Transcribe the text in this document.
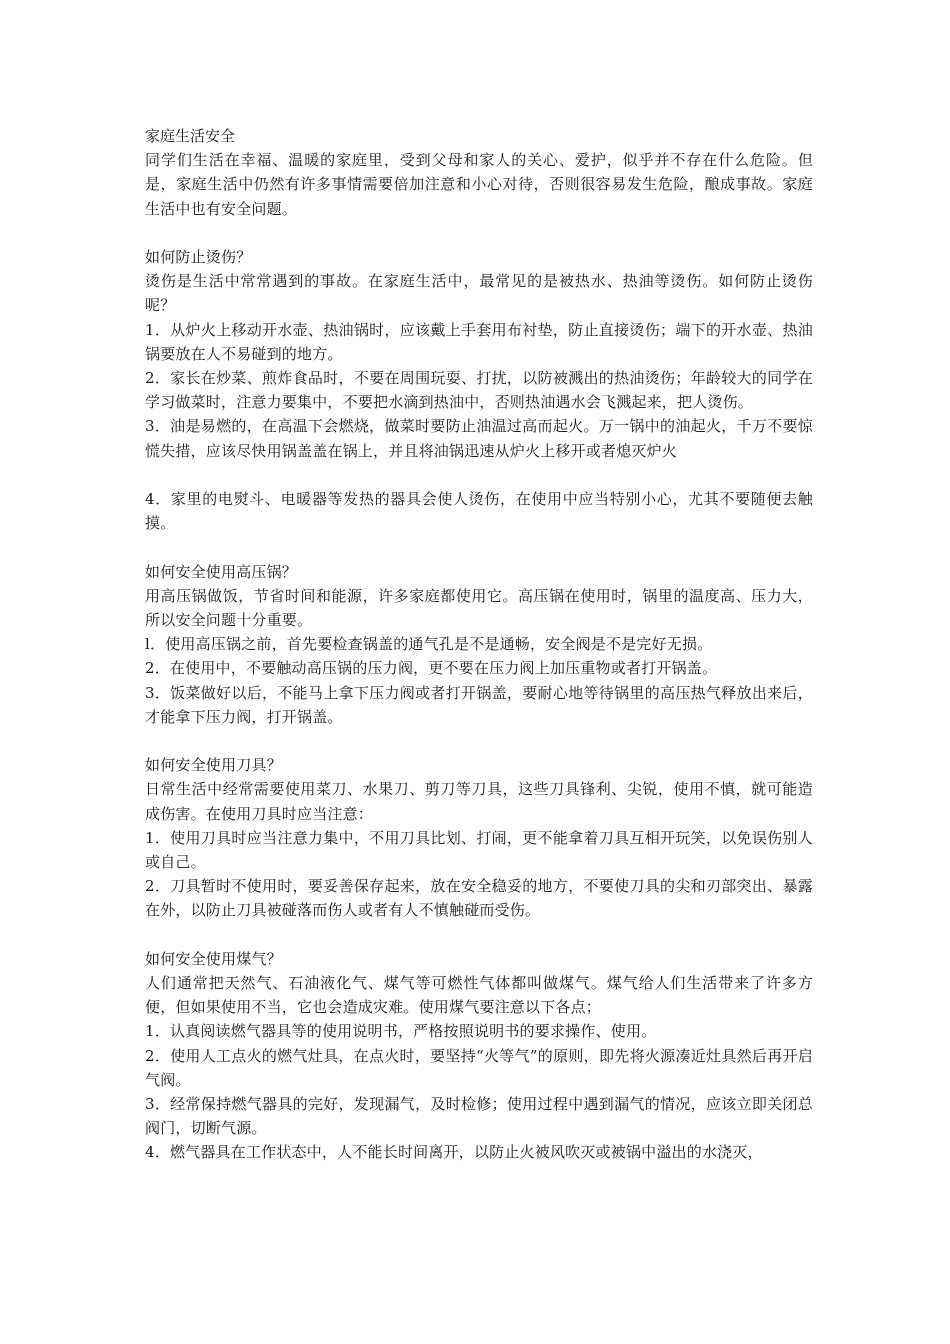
家庭生活安全

同学们生活在幸福、温暖的家庭里，受到父母和家人的关心、爱护，似乎并不存在什么危险。但是，家庭生活中仍然有许多事情需要倍加注意和小心对待，否则很容易发生危险，酿成事故。家庭生活中也有安全问题。

如何防止烫伤？

烫伤是生活中常常遇到的事故。在家庭生活中，最常见的是被热水、热油等烫伤。如何防止烫伤呢？

1．从炉火上移动开水壶、热油锅时，应该戴上手套用布衬垫，防止直接烫伤；端下的开水壶、热油锅要放在人不易碰到的地方。

2．家长在炒菜、煎炸食品时，不要在周围玩耍、打扰，以防被溅出的热油烫伤；年龄较大的同学在学习做菜时，注意力要集中，不要把水滴到热油中，否则热油遇水会飞溅起来，把人烫伤。

3．油是易燃的，在高温下会燃烧，做菜时要防止油温过高而起火。万一锅中的油起火，千万不要惊慌失措，应该尽快用锅盖盖在锅上，并且将油锅迅速从炉火上移开或者熄灭炉火

4．家里的电熨斗、电暖器等发热的器具会使人烫伤，在使用中应当特别小心，尤其不要随便去触摸。

如何安全使用高压锅？

用高压锅做饭，节省时间和能源，许多家庭都使用它。高压锅在使用时，锅里的温度高、压力大，所以安全问题十分重要。

l．使用高压锅之前，首先要检查锅盖的通气孔是不是通畅，安全阀是不是完好无损。

2．在使用中，不要触动高压锅的压力阀，更不要在压力阀上加压重物或者打开锅盖。

3．饭菜做好以后，不能马上拿下压力阀或者打开锅盖，要耐心地等待锅里的高压热气释放出来后，才能拿下压力阀，打开锅盖。

如何安全使用刀具？

日常生活中经常需要使用菜刀、水果刀、剪刀等刀具，这些刀具锋利、尖锐，使用不慎，就可能造成伤害。在使用刀具时应当注意：

1．使用刀具时应当注意力集中，不用刀具比划、打闹，更不能拿着刀具互相开玩笑，以免误伤别人或自己。

2．刀具暂时不使用时，要妥善保存起来，放在安全稳妥的地方，不要使刀具的尖和刃部突出、暴露在外，以防止刀具被碰落而伤人或者有人不慎触碰而受伤。

如何安全使用煤气？

人们通常把天然气、石油液化气、煤气等可燃性气体都叫做煤气。煤气给人们生活带来了许多方便，但如果使用不当，它也会造成灾难。使用煤气要注意以下各点；

1．认真阅读燃气器具等的使用说明书，严格按照说明书的要求操作、使用。

2．使用人工点火的燃气灶具，在点火时，要坚持“火等气”的原则，即先将火源凑近灶具然后再开启气阀。

3．经常保持燃气器具的完好，发现漏气，及时检修；使用过程中遇到漏气的情况，应该立即关闭总阀门，切断气源。

4．燃气器具在工作状态中，人不能长时间离开，以防止火被风吹灭或被锅中溢出的水浇灭，
